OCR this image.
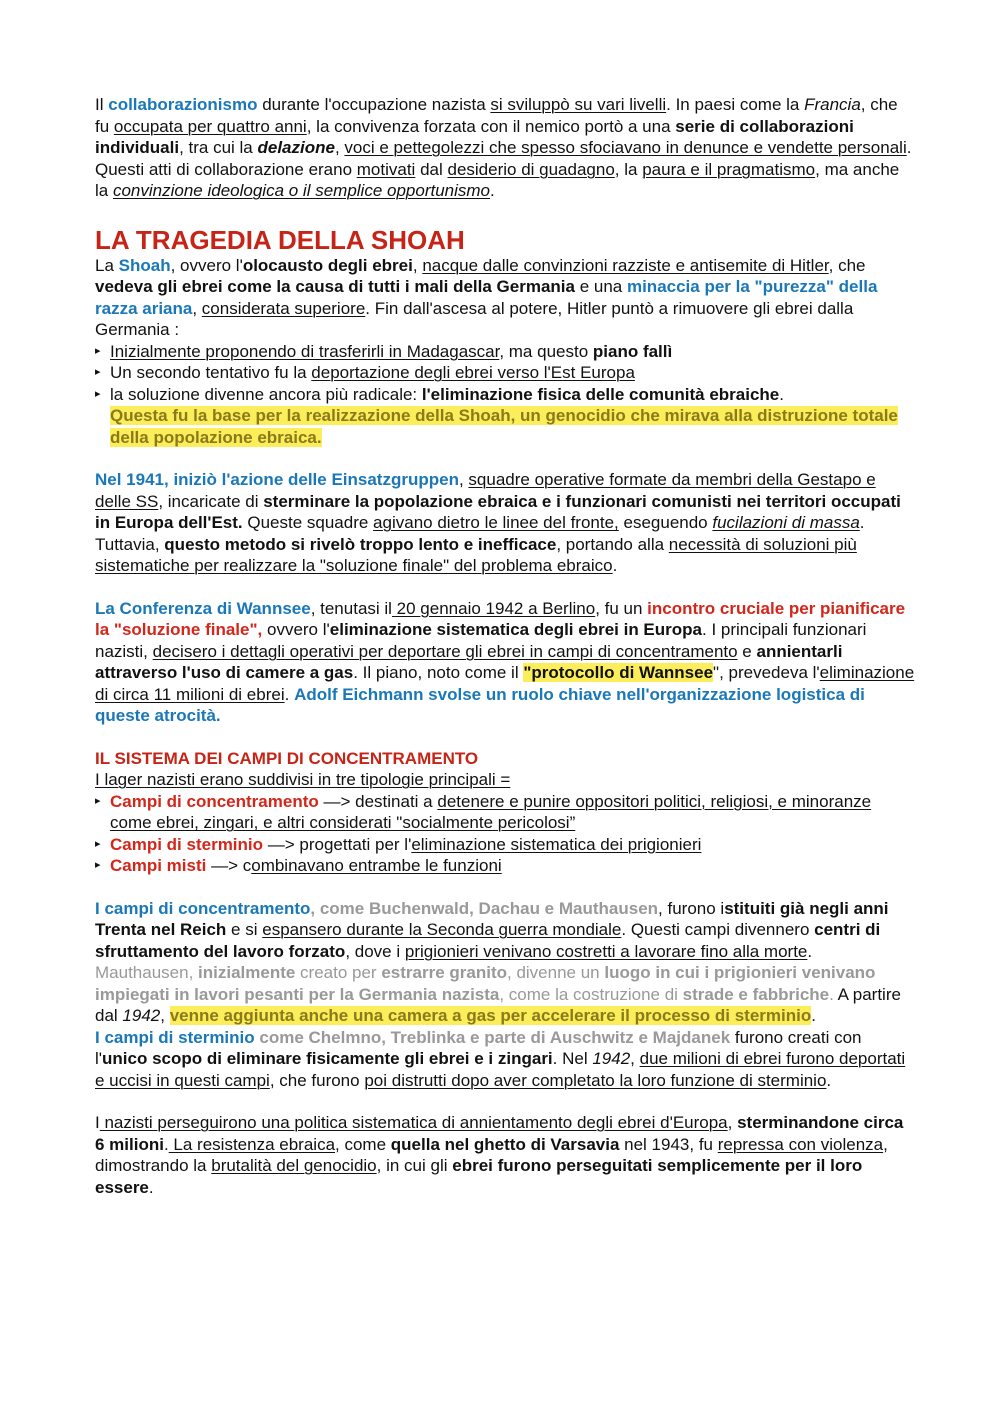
Il collaborazionismo durante l'occupazione nazista si sviluppò su vari livelli. In paesi come la Francia, che fu occupata per quattro anni, la convivenza forzata con il nemico portò a una serie di collaborazioni individuali, tra cui la delazione, voci e pettegolezzi che spesso sfociavano in denunce e vendette personali. Questi atti di collaborazione erano motivati dal desiderio di guadagno, la paura e il pragmatismo, ma anche la convinzione ideologica o il semplice opportunismo.

LA TRAGEDIA DELLA SHOAH

La Shoah, ovvero l'olocausto degli ebrei, nacque dalle convinzioni razziste e antisemite di Hitler, che vedeva gli ebrei come la causa di tutti i mali della Germania e una minaccia per la "purezza" della razza ariana, considerata superiore. Fin dall'ascesa al potere, Hitler puntò a rimuovere gli ebrei dalla Germania :

▸ Inizialmente proponendo di trasferirli in Madagascar, ma questo piano fallì
▸ Un secondo tentativo fu la deportazione degli ebrei verso l'Est Europa
▸ la soluzione divenne ancora più radicale: l'eliminazione fisica delle comunità ebraiche.

Questa fu la base per la realizzazione della Shoah, un genocidio che mirava alla distruzione totale della popolazione ebraica.

Nel 1941, iniziò l'azione delle Einsatzgruppen, squadre operative formate da membri della Gestapo e delle SS, incaricate di sterminare la popolazione ebraica e i funzionari comunisti nei territori occupati in Europa dell'Est. Queste squadre agivano dietro le linee del fronte, eseguendo fucilazioni di massa. Tuttavia, questo metodo si rivelò troppo lento e inefficace, portando alla necessità di soluzioni più sistematiche per realizzare la "soluzione finale" del problema ebraico.

La Conferenza di Wannsee, tenutasi il 20 gennaio 1942 a Berlino, fu un incontro cruciale per pianificare la "soluzione finale", ovvero l'eliminazione sistematica degli ebrei in Europa. I principali funzionari nazisti, decisero i dettagli operativi per deportare gli ebrei in campi di concentramento e annientarli attraverso l'uso di camere a gas. Il piano, noto come il "protocollo di Wannsee", prevedeva l'eliminazione di circa 11 milioni di ebrei. Adolf Eichmann svolse un ruolo chiave nell'organizzazione logistica di queste atrocità.

IL SISTEMA DEI CAMPI DI CONCENTRAMENTO

I lager nazisti erano suddivisi in tre tipologie principali =

▸ Campi di concentramento —> destinati a detenere e punire oppositori politici, religiosi, e minoranze come ebrei, zingari, e altri considerati "socialmente pericolosi”
▸ Campi di sterminio —> progettati per l'eliminazione sistematica dei prigionieri
▸ Campi misti —> combinavano entrambe le funzioni

I campi di concentramento, come Buchenwald, Dachau e Mauthausen, furono istituiti già negli anni Trenta nel Reich e si espansero durante la Seconda guerra mondiale. Questi campi divennero centri di sfruttamento del lavoro forzato, dove i prigionieri venivano costretti a lavorare fino alla morte. Mauthausen, inizialmente creato per estrarre granito, divenne un luogo in cui i prigionieri venivano impiegati in lavori pesanti per la Germania nazista, come la costruzione di strade e fabbriche. A partire dal 1942, venne aggiunta anche una camera a gas per accelerare il processo di sterminio.

I campi di sterminio come Chelmno, Treblinka e parte di Auschwitz e Majdanek furono creati con l'unico scopo di eliminare fisicamente gli ebrei e i zingari. Nel 1942, due milioni di ebrei furono deportati e uccisi in questi campi, che furono poi distrutti dopo aver completato la loro funzione di sterminio.

I nazisti perseguirono una politica sistematica di annientamento degli ebrei d'Europa, sterminandone circa 6 milioni. La resistenza ebraica, come quella nel ghetto di Varsavia nel 1943, fu repressa con violenza, dimostrando la brutalità del genocidio, in cui gli ebrei furono perseguitati semplicemente per il loro essere.
